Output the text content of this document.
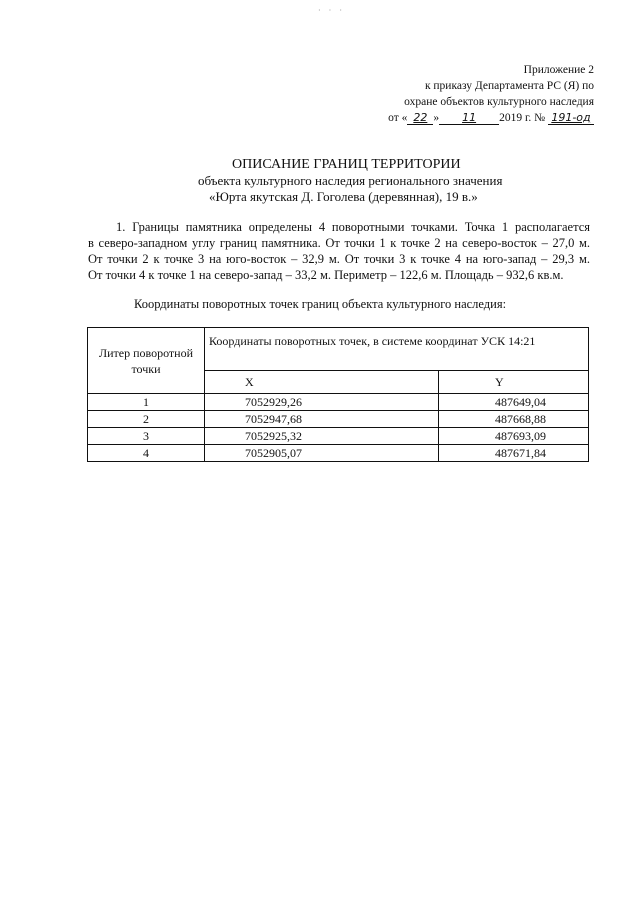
· · ·
Приложение 2
к приказу Департамента РС (Я) по
охране объектов культурного наследия
от « 22 » 11 2019 г. № 191-од
ОПИСАНИЕ ГРАНИЦ ТЕРРИТОРИИ
объекта культурного наследия регионального значения
«Юрта якутская Д. Гоголева (деревянная), 19 в.»
1. Границы памятника определены 4 поворотными точками. Точка 1 располагается
в северо-западном углу границ памятника. От точки 1 к точке 2 на северо-восток – 27,0 м.
От точки 2 к точке 3 на юго-восток – 32,9 м. От точки 3 к точке 4 на юго-запад – 29,3 м.
От точки 4 к точке 1 на северо-запад – 33,2 м. Периметр – 122,6 м. Площадь – 932,6 кв.м.
Координаты поворотных точек границ объекта культурного наследия:
Литер поворотной точки	Координаты поворотных точек, в системе координат УСК 14:21	
	X	Y
1	7052929,26	487649,04
2	7052947,68	487668,88
3	7052925,32	487693,09
4	7052905,07	487671,84
